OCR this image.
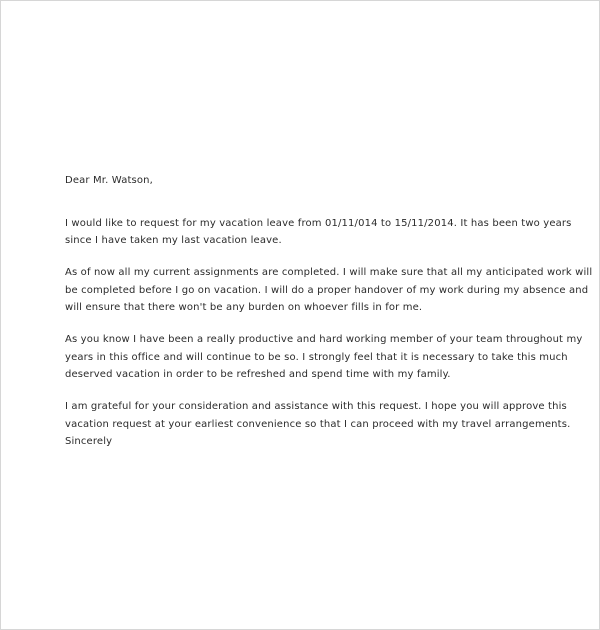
Dear Mr. Watson,

I would like to request for my vacation leave from 01/11/014 to 15/11/2014. It has been two years

since I have taken my last vacation leave.

As of now all my current assignments are completed. I will make sure that all my anticipated work will

be completed before I go on vacation. I will do a proper handover of my work during my absence and

will ensure that there won't be any burden on whoever fills in for me.

As you know I have been a really productive and hard working member of your team throughout my

years in this office and will continue to be so. I strongly feel that it is necessary to take this much

deserved vacation in order to be refreshed and spend time with my family.

I am grateful for your consideration and assistance with this request. I hope you will approve this

vacation request at your earliest convenience so that I can proceed with my travel arrangements.

Sincerely
